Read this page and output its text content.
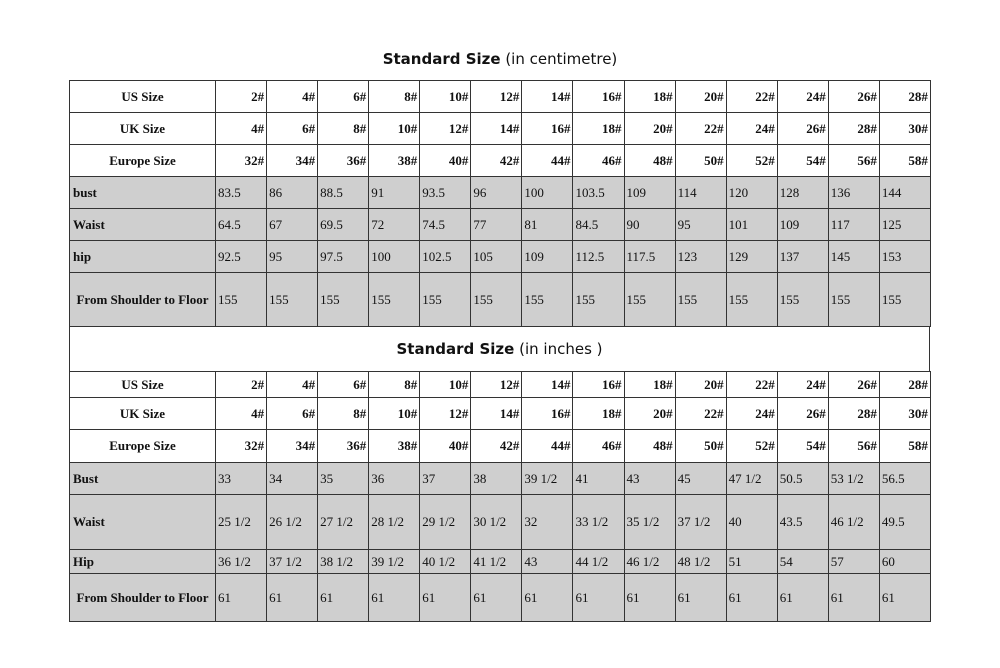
Standard Size (in centimetre)
US Size	2#	4#	6#	8#	10#	12#	14#	16#	18#	20#	22#	24#	26#	28#
UK Size	4#	6#	8#	10#	12#	14#	16#	18#	20#	22#	24#	26#	28#	30#
Europe Size	32#	34#	36#	38#	40#	42#	44#	46#	48#	50#	52#	54#	56#	58#
bust	83.5	86	88.5	91	93.5	96	100	103.5	109	114	120	128	136	144
Waist	64.5	67	69.5	72	74.5	77	81	84.5	90	95	101	109	117	125
hip	92.5	95	97.5	100	102.5	105	109	112.5	117.5	123	129	137	145	153
From Shoulder to Floor	155	155	155	155	155	155	155	155	155	155	155	155	155	155
Standard Size (in inches )
US Size	2#	4#	6#	8#	10#	12#	14#	16#	18#	20#	22#	24#	26#	28#
UK Size	4#	6#	8#	10#	12#	14#	16#	18#	20#	22#	24#	26#	28#	30#
Europe Size	32#	34#	36#	38#	40#	42#	44#	46#	48#	50#	52#	54#	56#	58#
Bust	33	34	35	36	37	38	39 1/2	41	43	45	47 1/2	50.5	53 1/2	56.5
Waist	25 1/2	26 1/2	27 1/2	28 1/2	29 1/2	30 1/2	32	33 1/2	35 1/2	37 1/2	40	43.5	46 1/2	49.5
Hip	36 1/2	37 1/2	38 1/2	39 1/2	40 1/2	41 1/2	43	44 1/2	46 1/2	48 1/2	51	54	57	60
From Shoulder to Floor	61	61	61	61	61	61	61	61	61	61	61	61	61	61
